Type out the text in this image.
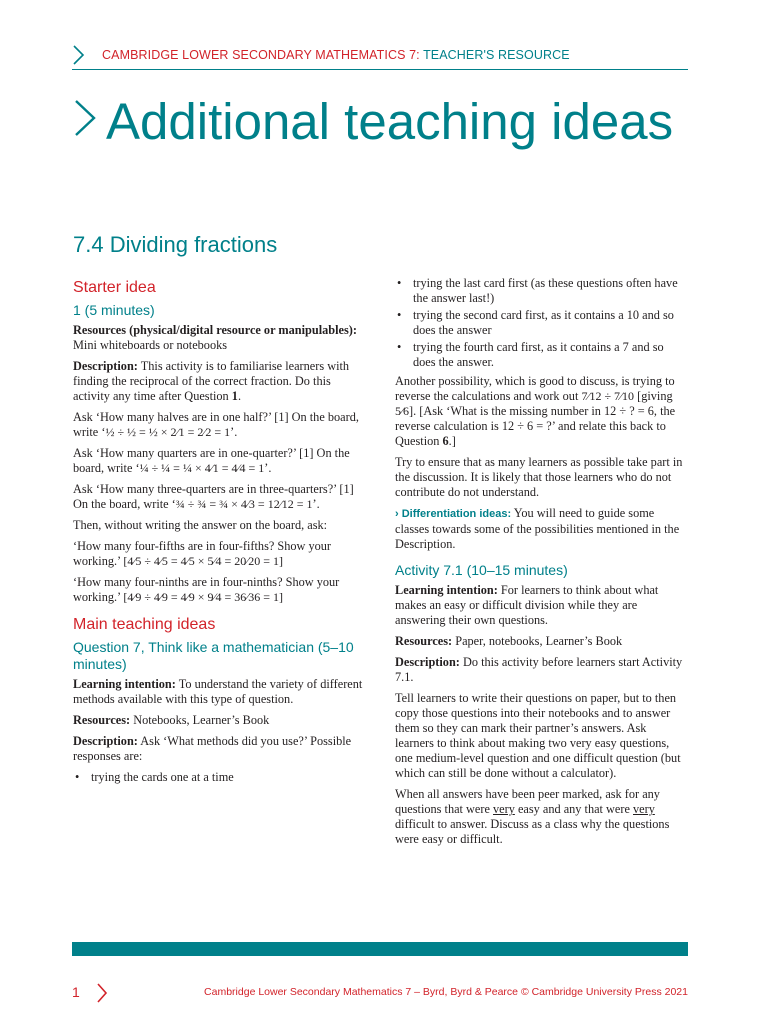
CAMBRIDGE LOWER SECONDARY MATHEMATICS 7: TEACHER'S RESOURCE
Additional teaching ideas
7.4 Dividing fractions
Starter idea
1 (5 minutes)

Resources (physical/digital resource or manipulables):
Mini whiteboards or notebooks

Description: This activity is to familiarise learners with finding the reciprocal of the correct fraction. Do this activity any time after Question 1.

Ask ‘How many halves are in one half?’ [1] On the board, write ‘½ ÷ ½ = ½ × 2⁄1 = 2⁄2 = 1’.

Ask ‘How many quarters are in one-quarter?’ [1] On the board, write ‘¼ ÷ ¼ = ¼ × 4⁄1 = 4⁄4 = 1’.

Ask ‘How many three-quarters are in three-quarters?’ [1] On the board, write ‘¾ ÷ ¾ = ¾ × 4⁄3 = 12⁄12 = 1’.

Then, without writing the answer on the board, ask:

‘How many four-fifths are in four-fifths? Show your working.’ [4⁄5 ÷ 4⁄5 = 4⁄5 × 5⁄4 = 20⁄20 = 1]

‘How many four-ninths are in four-ninths? Show your working.’ [4⁄9 ÷ 4⁄9 = 4⁄9 × 9⁄4 = 36⁄36 = 1]

Main teaching ideas
Question 7, Think like a mathematician (5–10 minutes)

Learning intention: To understand the variety of different methods available with this type of question.

Resources: Notebooks, Learner’s Book

Description: Ask ‘What methods did you use?’ Possible responses are:

• trying the cards one at a time
• trying the last card first (as these questions often have the answer last!)
• trying the second card first, as it contains a 10 and so does the answer
• trying the fourth card first, as it contains a 7 and so does the answer.

Another possibility, which is good to discuss, is trying to reverse the calculations and work out 7⁄12 ÷ 7⁄10 [giving 5⁄6]. [Ask ‘What is the missing number in 12 ÷ ? = 6, the reverse calculation is 12 ÷ 6 = ?’ and relate this back to Question 6.]

Try to ensure that as many learners as possible take part in the discussion. It is likely that those learners who do not contribute do not understand.

› Differentiation ideas: You will need to guide some classes towards some of the possibilities mentioned in the Description.

Activity 7.1 (10–15 minutes)

Learning intention: For learners to think about what makes an easy or difficult division while they are answering their own questions.

Resources: Paper, notebooks, Learner’s Book

Description: Do this activity before learners start Activity 7.1.

Tell learners to write their questions on paper, but to then copy those questions into their notebooks and to answer them so they can mark their partner’s answers. Ask learners to think about making two very easy questions, one medium-level question and one difficult question (but which can still be done without a calculator).

When all answers have been peer marked, ask for any questions that were very easy and any that were very difficult to answer. Discuss as a class why the questions were easy or difficult.

1	Cambridge Lower Secondary Mathematics 7 – Byrd, Byrd & Pearce © Cambridge University Press 2021
